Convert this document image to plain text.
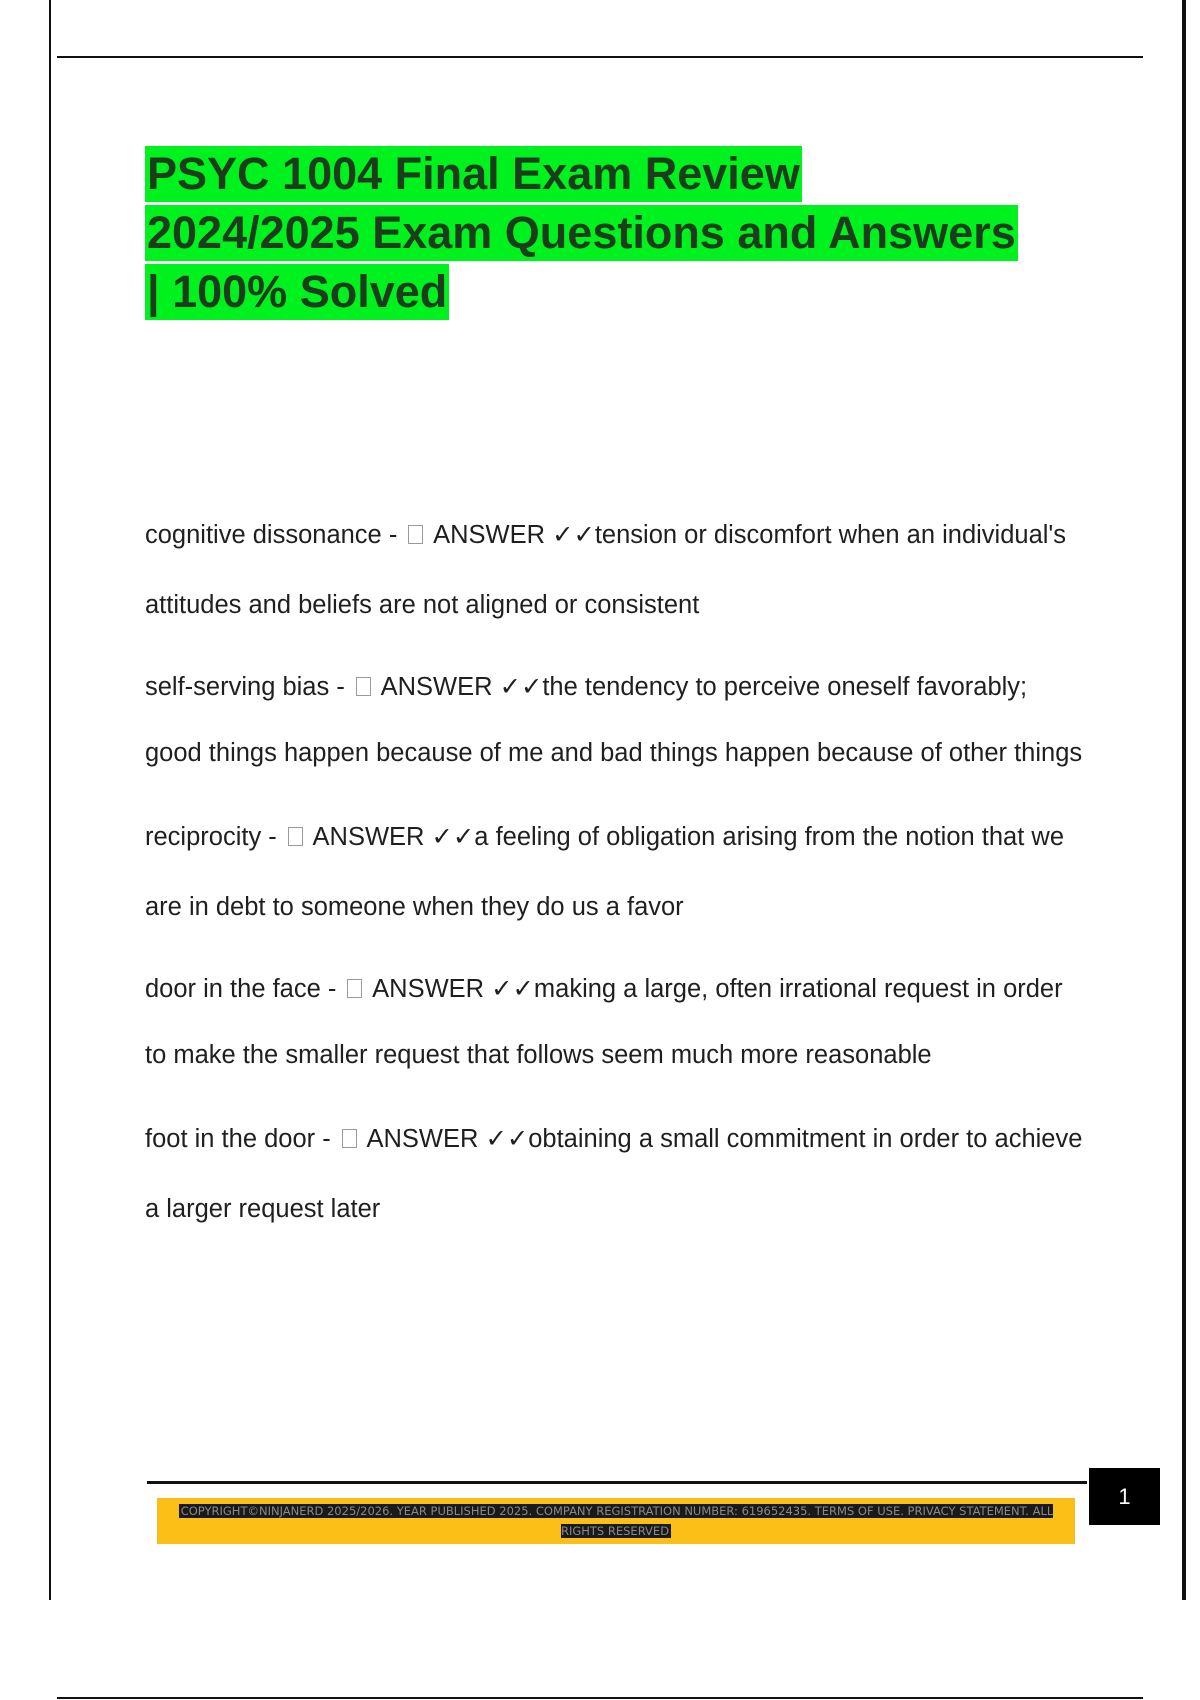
PSYC 1004 Final Exam Review
2024/2025 Exam Questions and Answers
| 100% Solved
cognitive dissonance -  ANSWER ✓✓tension or discomfort when an individual's attitudes and beliefs are not aligned or consistent
self-serving bias -  ANSWER ✓✓the tendency to perceive oneself favorably; good things happen because of me and bad things happen because of other things
reciprocity -  ANSWER ✓✓a feeling of obligation arising from the notion that we are in debt to someone when they do us a favor
door in the face -  ANSWER ✓✓making a large, often irrational request in order to make the smaller request that follows seem much more reasonable
foot in the door -  ANSWER ✓✓obtaining a small commitment in order to achieve a larger request later
1

COPYRIGHT©NINJANERD 2025/2026. YEAR PUBLISHED 2025. COMPANY REGISTRATION NUMBER: 619652435. TERMS OF USE. PRIVACY STATEMENT. ALL RIGHTS RESERVED
